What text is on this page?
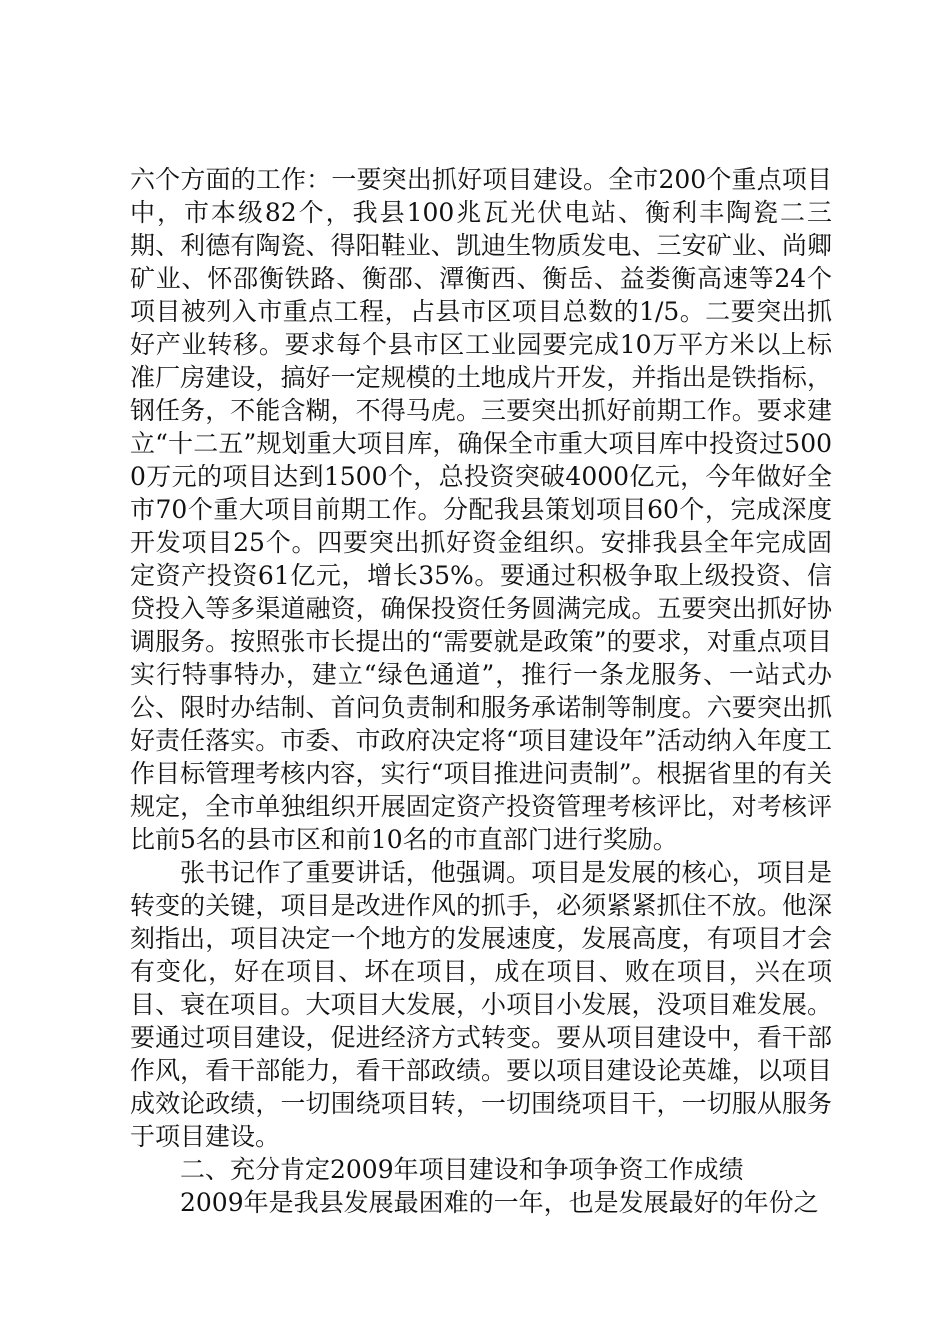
六个方面的工作：一要突出抓好项目建设。全市200个重点项目中，市本级82个，我县100兆瓦光伏电站、衡利丰陶瓷二三期、利德有陶瓷、得阳鞋业、凯迪生物质发电、三安矿业、尚卿矿业、怀邵衡铁路、衡邵、潭衡西、衡岳、益娄衡高速等24个项目被列入市重点工程，占县市区项目总数的1/5。二要突出抓好产业转移。要求每个县市区工业园要完成10万平方米以上标准厂房建设，搞好一定规模的土地成片开发，并指出是铁指标，钢任务，不能含糊，不得马虎。三要突出抓好前期工作。要求建立“十二五”规划重大项目库，确保全市重大项目库中投资过5000万元的项目达到1500个，总投资突破4000亿元，今年做好全市70个重大项目前期工作。分配我县策划项目60个，完成深度开发项目25个。四要突出抓好资金组织。安排我县全年完成固定资产投资61亿元，增长35%。要通过积极争取上级投资、信贷投入等多渠道融资，确保投资任务圆满完成。五要突出抓好协调服务。按照张市长提出的“需要就是政策”的要求，对重点项目实行特事特办，建立“绿色通道”，推行一条龙服务、一站式办公、限时办结制、首问负责制和服务承诺制等制度。六要突出抓好责任落实。市委、市政府决定将“项目建设年”活动纳入年度工作目标管理考核内容，实行“项目推进问责制”。根据省里的有关规定，全市单独组织开展固定资产投资管理考核评比，对考核评比前5名的县市区和前10名的市直部门进行奖励。

张书记作了重要讲话，他强调。项目是发展的核心，项目是转变的关键，项目是改进作风的抓手，必须紧紧抓住不放。他深刻指出，项目决定一个地方的发展速度，发展高度，有项目才会有变化，好在项目、坏在项目，成在项目、败在项目，兴在项目、衰在项目。大项目大发展，小项目小发展，没项目难发展。要通过项目建设，促进经济方式转变。要从项目建设中，看干部作风，看干部能力，看干部政绩。要以项目建设论英雄，以项目成效论政绩，一切围绕项目转，一切围绕项目干，一切服从服务于项目建设。

二、充分肯定2009年项目建设和争项争资工作成绩

2009年是我县发展最困难的一年，也是发展最好的年份之
